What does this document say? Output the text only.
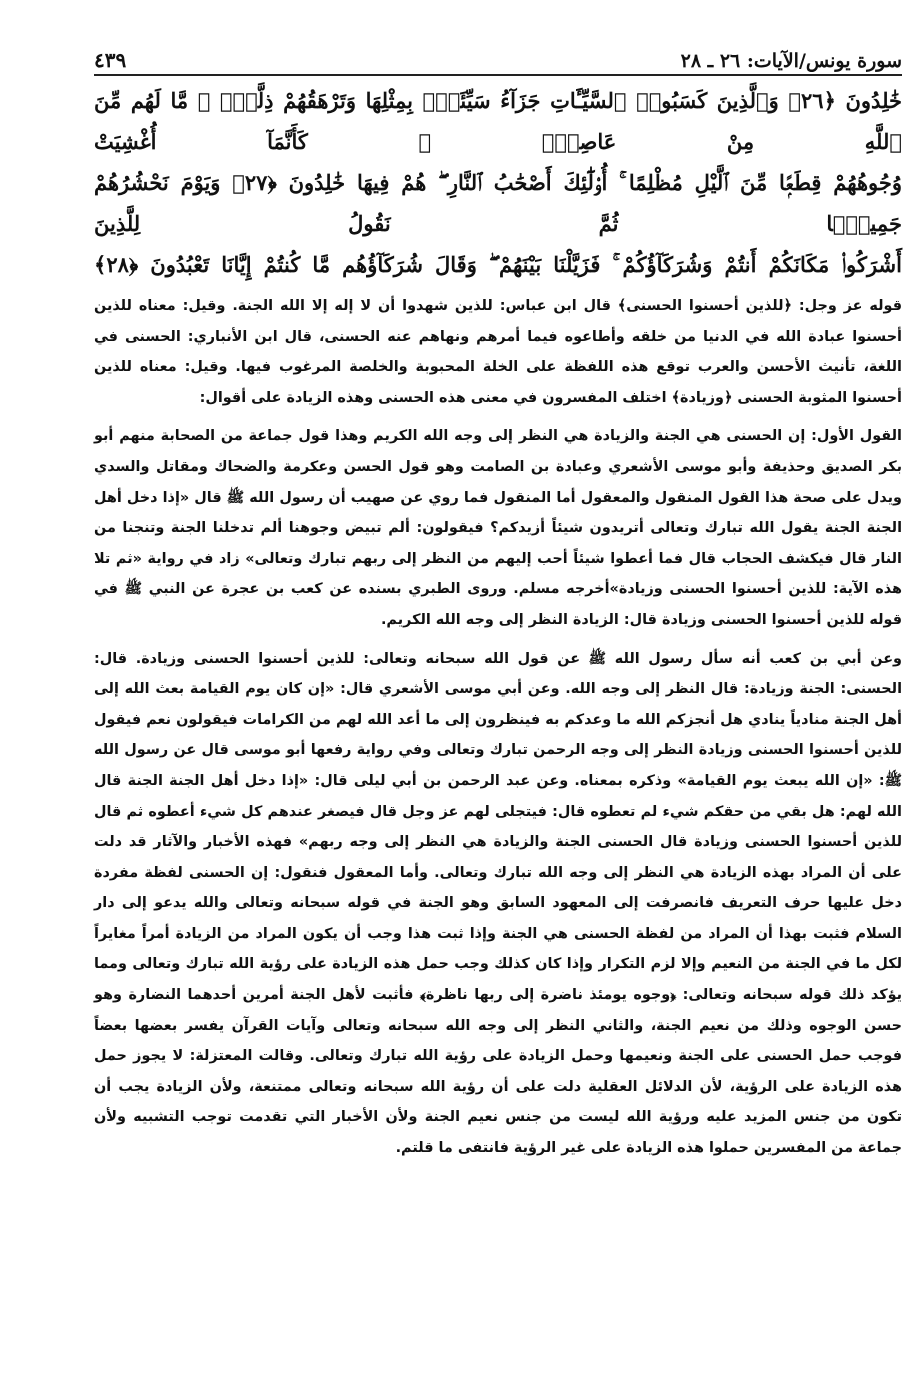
سورة يونس/الآيات: ٢٦ ـ ٢٨
٤٣٩

خَٰلِدُونَ ﴿٢٦﴾ وَٱلَّذِينَ كَسَبُوا۟ ٱلسَّيِّـَٔاتِ جَزَآءُ سَيِّئَةٍۭ بِمِثْلِهَا وَتَرْهَقُهُمْ ذِلَّةٌۭ ۖ مَّا لَهُم مِّنَ ٱللَّهِ مِنْ عَاصِمٍۢ ۖ كَأَنَّمَآ أُغْشِيَتْ

وُجُوهُهُمْ قِطَعًۭا مِّنَ ٱلَّيْلِ مُظْلِمًا ۚ أُو۟لَٰٓئِكَ أَصْحَٰبُ ٱلنَّارِ ۖ هُمْ فِيهَا خَٰلِدُونَ ﴿٢٧﴾ وَيَوْمَ نَحْشُرُهُمْ جَمِيعًۭا ثُمَّ نَقُولُ لِلَّذِينَ

أَشْرَكُوا۟ مَكَانَكُمْ أَنتُمْ وَشُرَكَآؤُكُمْ ۚ فَزَيَّلْنَا بَيْنَهُمْ ۖ وَقَالَ شُرَكَآؤُهُم مَّا كُنتُمْ إِيَّانَا تَعْبُدُونَ ﴿٢٨﴾

قوله عز وجل: ﴿للذين أحسنوا الحسنى﴾ قال ابن عباس: للذين شهدوا أن لا إله إلا الله الجنة. وقيل: معناه للذين أحسنوا عبادة الله في الدنيا من خلقه وأطاعوه فيما أمرهم ونهاهم عنه الحسنى، قال ابن الأنباري: الحسنى في اللغة، تأنيث الأحسن والعرب توقع هذه اللفظة على الخلة المحبوبة والخلصة المرغوب فيها. وقيل: معناه للذين أحسنوا المثوبة الحسنى ﴿وزيادة﴾ اختلف المفسرون في معنى هذه الحسنى وهذه الزيادة على أقوال:

القول الأول: إن الحسنى هي الجنة والزيادة هي النظر إلى وجه الله الكريم وهذا قول جماعة من الصحابة منهم أبو بكر الصديق وحذيفة وأبو موسى الأشعري وعبادة بن الصامت وهو قول الحسن وعكرمة والضحاك ومقاتل والسدي ويدل على صحة هذا القول المنقول والمعقول أما المنقول فما روي عن صهيب أن رسول الله ﷺ قال «إذا دخل أهل الجنة الجنة يقول الله تبارك وتعالى أتريدون شيئاً أزيدكم؟ فيقولون: ألم تبيض وجوهنا ألم تدخلنا الجنة وتنجنا من النار قال فيكشف الحجاب قال فما أعطوا شيئاً أحب إليهم من النظر إلى ربهم تبارك وتعالى» زاد في رواية «ثم تلا هذه الآية: للذين أحسنوا الحسنى وزيادة»أخرجه مسلم. وروى الطبري بسنده عن كعب بن عجرة عن النبي ﷺ في قوله للذين أحسنوا الحسنى وزيادة قال: الزيادة النظر إلى وجه الله الكريم.

وعن أبي بن كعب أنه سأل رسول الله ﷺ عن قول الله سبحانه وتعالى: للذين أحسنوا الحسنى وزيادة. قال: الحسنى: الجنة وزيادة: قال النظر إلى وجه الله. وعن أبي موسى الأشعري قال: «إن كان يوم القيامة بعث الله إلى أهل الجنة منادياً ينادي هل أنجزكم الله ما وعدكم به فينظرون إلى ما أعد الله لهم من الكرامات فيقولون نعم فيقول للذين أحسنوا الحسنى وزيادة النظر إلى وجه الرحمن تبارك وتعالى وفي رواية رفعها أبو موسى قال عن رسول الله ﷺ: «إن الله يبعث يوم القيامة» وذكره بمعناه. وعن عبد الرحمن بن أبي ليلى قال: «إذا دخل أهل الجنة الجنة قال الله لهم: هل بقي من حقكم شيء لم تعطوه قال: فيتجلى لهم عز وجل قال فيصغر عندهم كل شيء أعطوه ثم قال للذين أحسنوا الحسنى وزيادة قال الحسنى الجنة والزيادة هي النظر إلى وجه ربهم» فهذه الأخبار والآثار قد دلت على أن المراد بهذه الزيادة هي النظر إلى وجه الله تبارك وتعالى. وأما المعقول فنقول: إن الحسنى لفظة مفردة دخل عليها حرف التعريف فانصرفت إلى المعهود السابق وهو الجنة في قوله سبحانه وتعالى والله يدعو إلى دار السلام فثبت بهذا أن المراد من لفظة الحسنى هي الجنة وإذا ثبت هذا وجب أن يكون المراد من الزيادة أمراً مغايراً لكل ما في الجنة من النعيم وإلا لزم التكرار وإذا كان كذلك وجب حمل هذه الزيادة على رؤية الله تبارك وتعالى ومما يؤكد ذلك قوله سبحانه وتعالى: ﴿وجوه يومئذ ناضرة إلى ربها ناظرة﴾ فأثبت لأهل الجنة أمرين أحدهما النضارة وهو حسن الوجوه وذلك من نعيم الجنة، والثاني النظر إلى وجه الله سبحانه وتعالى وآيات القرآن يفسر بعضها بعضاً فوجب حمل الحسنى على الجنة ونعيمها وحمل الزيادة على رؤية الله تبارك وتعالى. وقالت المعتزلة: لا يجوز حمل هذه الزيادة على الرؤية، لأن الدلائل العقلية دلت على أن رؤية الله سبحانه وتعالى ممتنعة، ولأن الزيادة يجب أن تكون من جنس المزيد عليه ورؤية الله ليست من جنس نعيم الجنة ولأن الأخبار التي تقدمت توجب التشبيه ولأن جماعة من المفسرين حملوا هذه الزيادة على غير الرؤية فانتفى ما قلتم.
